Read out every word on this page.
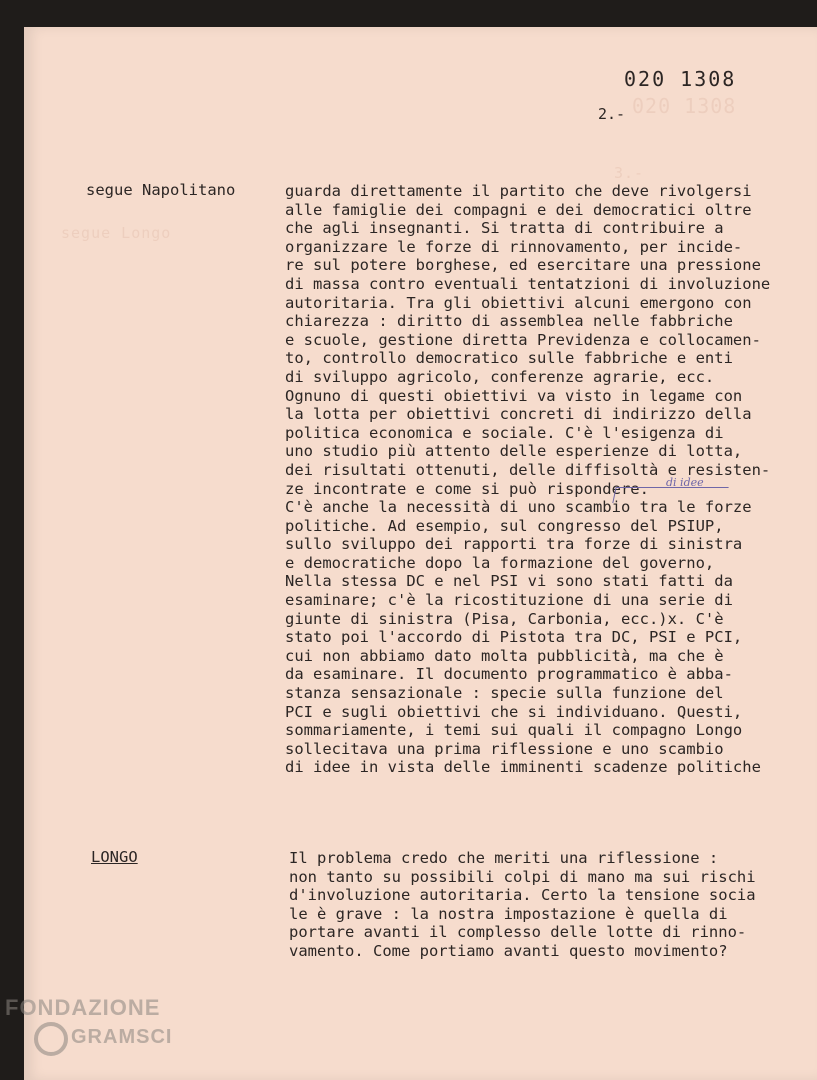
020 1308
3.-
segue Longo
020 1308
2.-
segue Napolitano	guarda direttamente il partito che deve rivolgersi
alle famiglie dei compagni e dei democratici oltre
che agli insegnanti. Si tratta di contribuire a
organizzare le forze di rinnovamento, per incide-
re sul potere borghese, ed esercitare una pressione
di massa contro eventuali tentatzioni di involuzione
autoritaria. Tra gli obiettivi alcuni emergono con
chiarezza : diritto di assemblea nelle fabbriche
e scuole, gestione diretta Previdenza e collocamen-
to, controllo democratico sulle fabbriche e enti
di sviluppo agricolo, conferenze agrarie, ecc.
Ognuno di questi obiettivi va visto in legame con
la lotta per obiettivi concreti di indirizzo della
politica economica e sociale. C'è l'esigenza di
uno studio più attento delle esperienze di lotta,
dei risultati ottenuti, delle diffisoltà e resisten-
ze incontrate e come si può rispondere.
C'è anche la necessità di uno scambio tra le forze
politiche. Ad esempio, sul congresso del PSIUP,
sullo sviluppo dei rapporti tra forze di sinistra
e democratiche dopo la formazione del governo,
Nella stessa DC e nel PSI vi sono stati fatti da
esaminare; c'è la ricostituzione di una serie di
giunte di sinistra (Pisa, Carbonia, ecc.)x. C'è
stato poi l'accordo di Pistota tra DC, PSI e PCI,
cui non abbiamo dato molta pubblicità, ma che è
da esaminare. Il documento programmatico è abba-
stanza sensazionale : specie sulla funzione del
PCI e sugli obiettivi che si individuano. Questi,
sommariamente, i temi sui quali il compagno Longo
sollecitava una prima riflessione e uno scambio
di idee in vista delle imminenti scadenze politiche
di idee
LONGO	Il problema credo che meriti una riflessione :
non tanto su possibili colpi di mano ma sui rischi
d'involuzione autoritaria. Certo la tensione socia
le è grave : la nostra impostazione è quella di
portare avanti il complesso delle lotte di rinno-
vamento. Come portiamo avanti questo movimento?
FONDAZIONE
GRAMSCI
